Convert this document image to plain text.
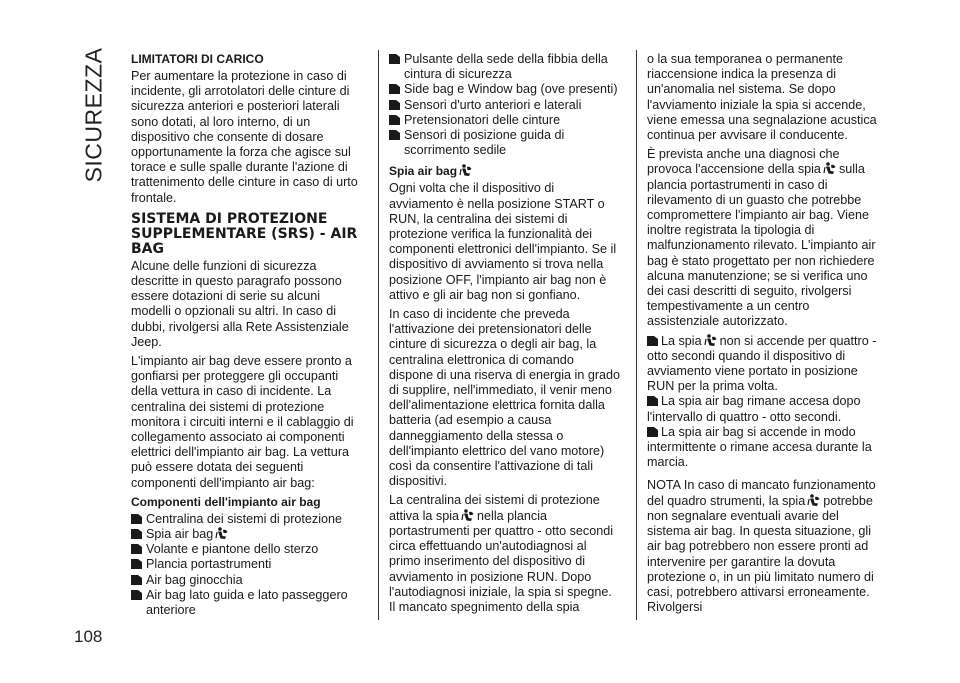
SICUREZZA
108
LIMITATORI DI CARICO

Per aumentare la protezione in caso di incidente, gli arrotolatori delle cinture di sicurezza anteriori e posteriori laterali sono dotati, al loro interno, di un dispositivo che consente di dosare opportunamente la forza che agisce sul torace e sulle spalle durante l'azione di trattenimento delle cinture in caso di urto frontale.

SISTEMA DI PROTEZIONE SUPPLEMENTARE (SRS) - AIR BAG

Alcune delle funzioni di sicurezza descritte in questo paragrafo possono essere dotazioni di serie su alcuni modelli o opzionali su altri. In caso di dubbi, rivolgersi alla Rete Assistenziale Jeep.

L'impianto air bag deve essere pronto a gonfiarsi per proteggere gli occupanti della vettura in caso di incidente. La centralina dei sistemi di protezione monitora i circuiti interni e il cablaggio di collegamento associato ai componenti elettrici dell'impianto air bag. La vettura può essere dotata dei seguenti componenti dell'impianto air bag:

Componenti dell'impianto air bag
Centralina dei sistemi di protezione
Spia air bag
Volante e piantone dello sterzo
Plancia portastrumenti
Air bag ginocchia
Air bag lato guida e lato passeggero anteriore
Pulsante della sede della fibbia della cintura di sicurezza
Side bag e Window bag (ove presenti)
Sensori d'urto anteriori e laterali
Pretensionatori delle cinture
Sensori di posizione guida di scorrimento sedile
Spia air bag

Ogni volta che il dispositivo di avviamento è nella posizione START o RUN, la centralina dei sistemi di protezione verifica la funzionalità dei componenti elettronici dell'impianto. Se il dispositivo di avviamento si trova nella posizione OFF, l'impianto air bag non è attivo e gli air bag non si gonfiano.

In caso di incidente che preveda l'attivazione dei pretensionatori delle cinture di sicurezza o degli air bag, la centralina elettronica di comando dispone di una riserva di energia in grado di supplire, nell'immediato, il venir meno dell'alimentazione elettrica fornita dalla batteria (ad esempio a causa danneggiamento della stessa o dell'impianto elettrico del vano motore) così da consentire l'attivazione di tali dispositivi.

La centralina dei sistemi di protezione attiva la spia nella plancia portastrumenti per quattro - otto secondi circa effettuando un'autodiagnosi al primo inserimento del dispositivo di avviamento in posizione RUN. Dopo l'autodiagnosi iniziale, la spia si spegne. Il mancato spegnimento della spia

o la sua temporanea o permanente riaccensione indica la presenza di un'anomalia nel sistema. Se dopo l'avviamento iniziale la spia si accende, viene emessa una segnalazione acustica continua per avvisare il conducente.

È prevista anche una diagnosi che provoca l'accensione della spia sulla plancia portastrumenti in caso di rilevamento di un guasto che potrebbe compromettere l'impianto air bag. Viene inoltre registrata la tipologia di malfunzionamento rilevato. L'impianto air bag è stato progettato per non richiedere alcuna manutenzione; se si verifica uno dei casi descritti di seguito, rivolgersi tempestivamente a un centro assistenziale autorizzato.

La spia non si accende per quattro - otto secondi quando il dispositivo di avviamento viene portato in posizione RUN per la prima volta.

La spia air bag rimane accesa dopo l'intervallo di quattro - otto secondi.

La spia air bag si accende in modo intermittente o rimane accesa durante la marcia.

NOTA In caso di mancato funzionamento del quadro strumenti, la spia potrebbe non segnalare eventuali avarie del sistema air bag. In questa situazione, gli air bag potrebbero non essere pronti ad intervenire per garantire la dovuta protezione o, in un più limitato numero di casi, potrebbero attivarsi erroneamente. Rivolgersi
